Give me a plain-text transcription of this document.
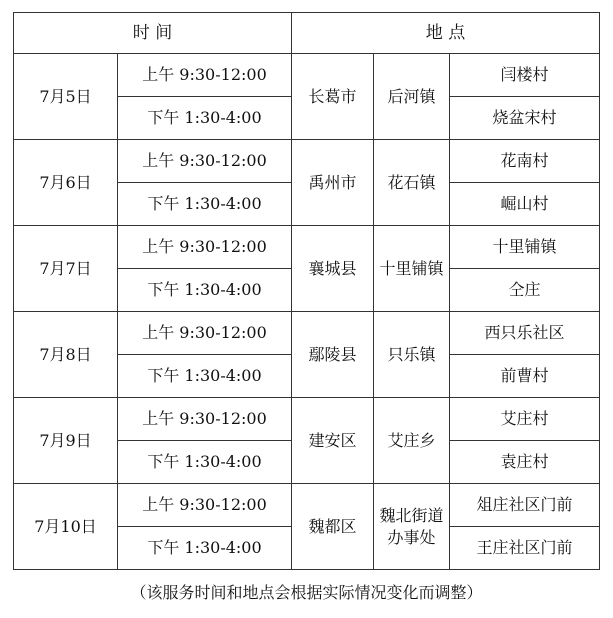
时 间		地 点		
7月5日	上午 9:30-12:00	长葛市	后河镇	闫楼村
	下午 1:30-4:00			烧盆宋村
7月6日	上午 9:30-12:00	禹州市	花石镇	花南村
	下午 1:30-4:00			崛山村
7月7日	上午 9:30-12:00	襄城县	十里铺镇	十里铺镇
	下午 1:30-4:00			仝庄
7月8日	上午 9:30-12:00	鄢陵县	只乐镇	西只乐社区
	下午 1:30-4:00			前曹村
7月9日	上午 9:30-12:00	建安区	艾庄乡	艾庄村
	下午 1:30-4:00			袁庄村
7月10日	上午 9:30-12:00	魏都区	魏北街道办事处	俎庄社区门前
	下午 1:30-4:00			王庄社区门前
（该服务时间和地点会根据实际情况变化而调整）
